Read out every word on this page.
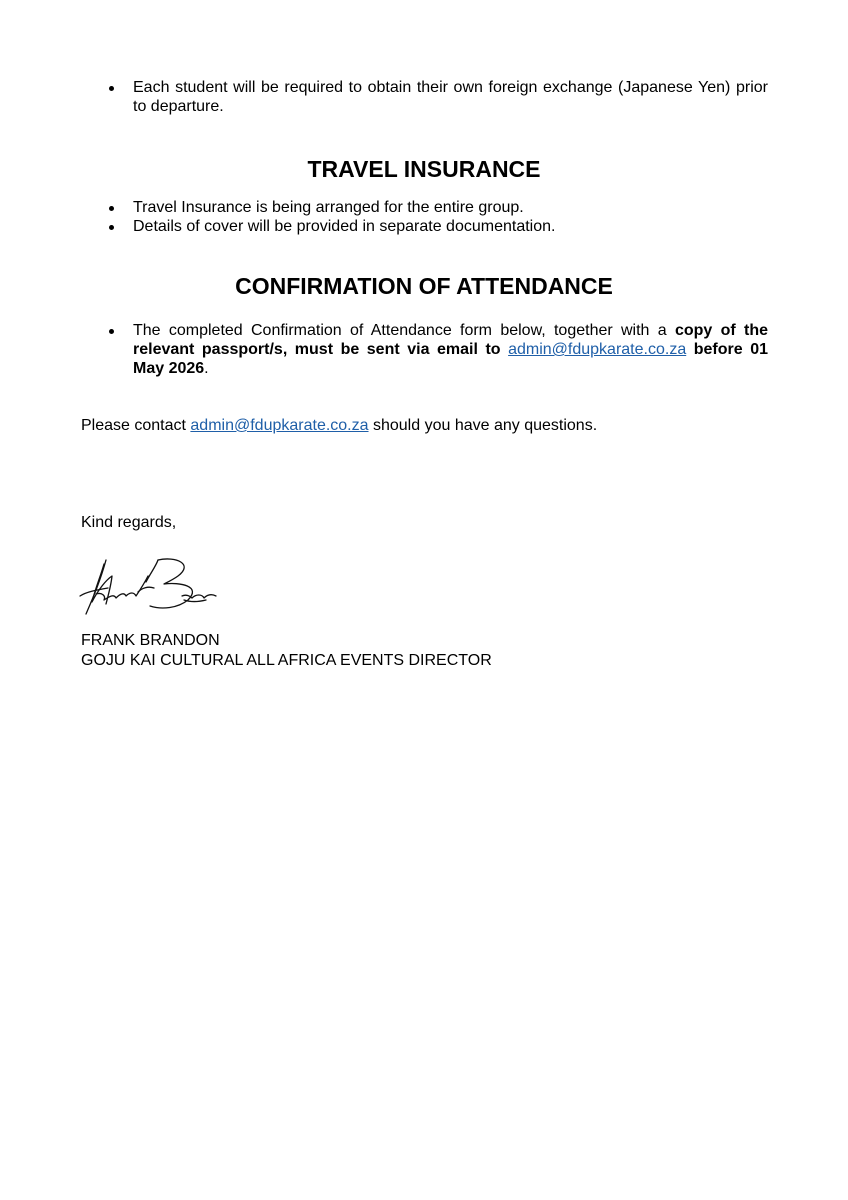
Each student will be required to obtain their own foreign exchange (Japanese Yen) prior to departure.
TRAVEL INSURANCE
Travel Insurance is being arranged for the entire group.
Details of cover will be provided in separate documentation.
CONFIRMATION OF ATTENDANCE
The completed Confirmation of Attendance form below, together with a copy of the relevant passport/s, must be sent via email to admin@fdupkarate.co.za before 01 May 2026.

Please contact admin@fdupkarate.co.za should you have any questions.

Kind regards,

FRANK BRANDON

GOJU KAI CULTURAL ALL AFRICA EVENTS DIRECTOR
